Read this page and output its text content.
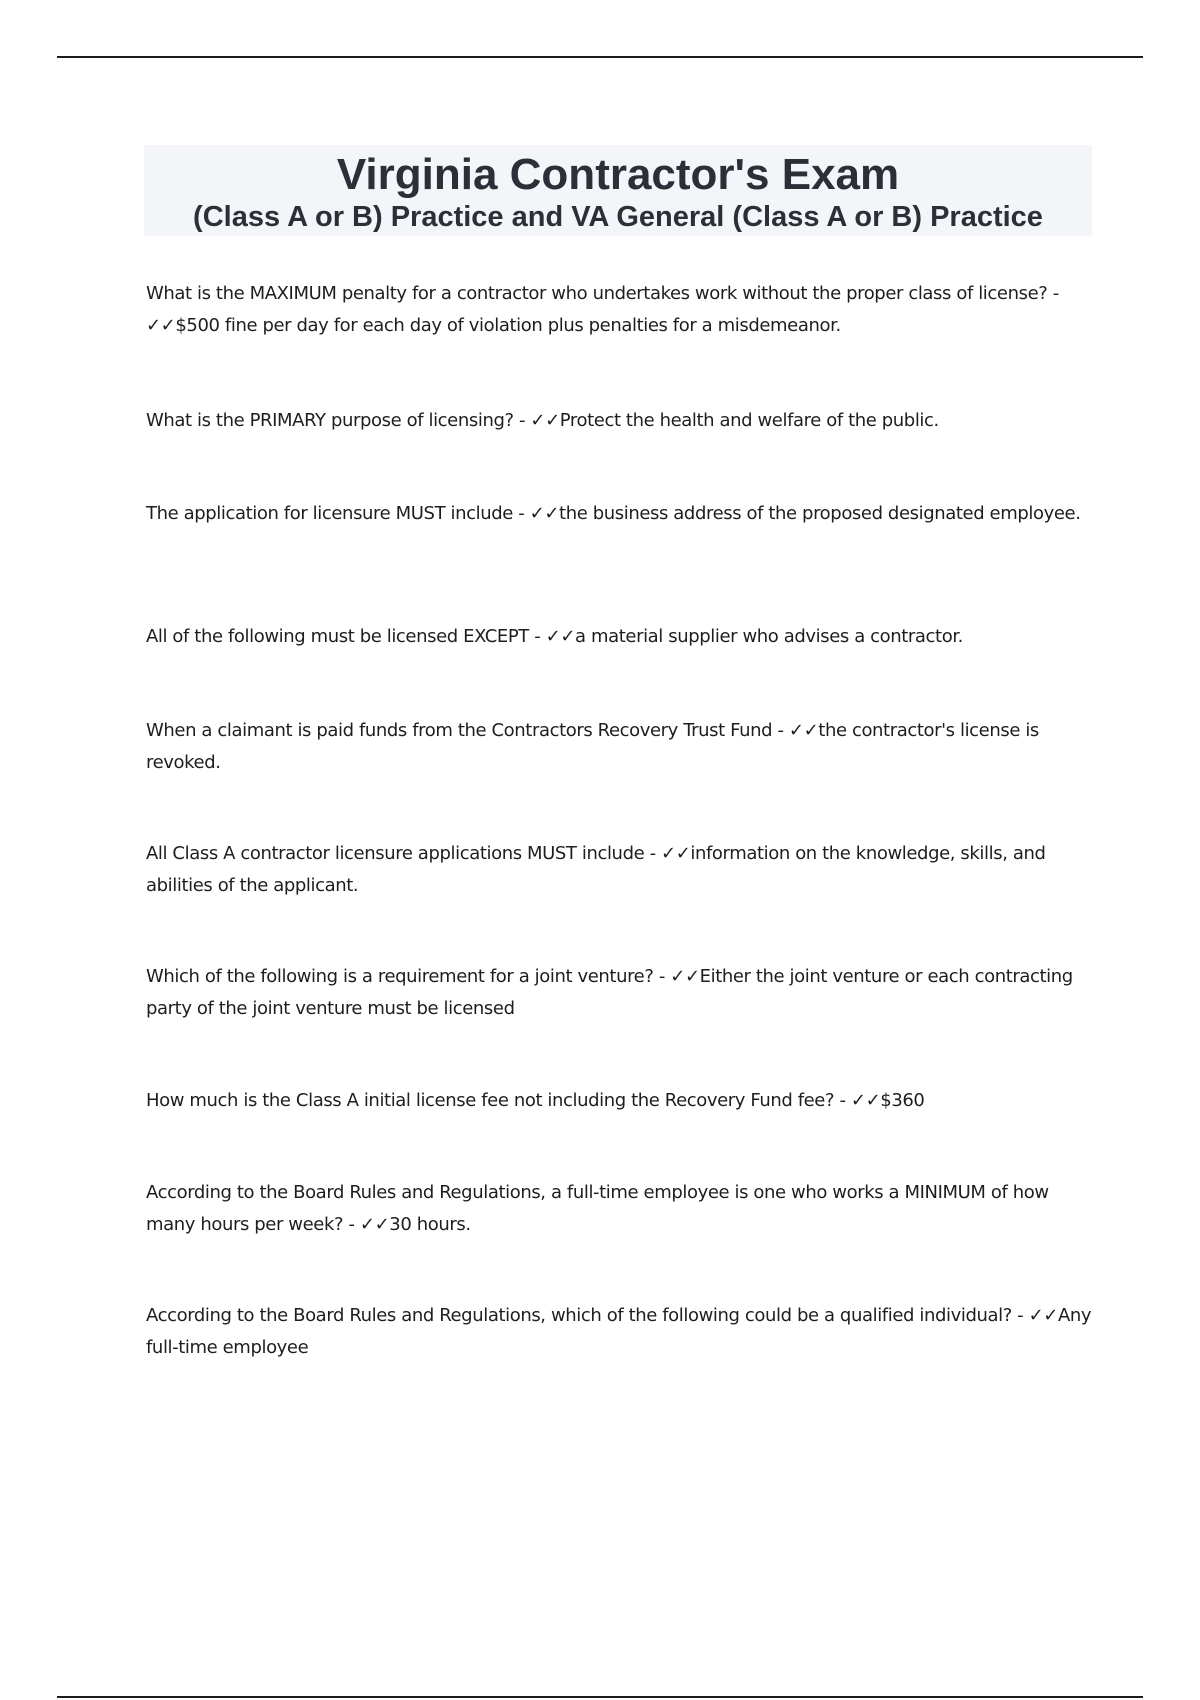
Virginia Contractor's Exam
(Class A or B) Practice and VA General (Class A or B) Practice
What is the MAXIMUM penalty for a contractor who undertakes work without the proper class of license? - ✓✓$500 fine per day for each day of violation plus penalties for a misdemeanor.
What is the PRIMARY purpose of licensing? - ✓✓Protect the health and welfare of the public.
The application for licensure MUST include - ✓✓the business address of the proposed designated employee.
All of the following must be licensed EXCEPT - ✓✓a material supplier who advises a contractor.
When a claimant is paid funds from the Contractors Recovery Trust Fund - ✓✓the contractor's license is revoked.
All Class A contractor licensure applications MUST include - ✓✓information on the knowledge, skills, and abilities of the applicant.
Which of the following is a requirement for a joint venture? - ✓✓Either the joint venture or each contracting party of the joint venture must be licensed
How much is the Class A initial license fee not including the Recovery Fund fee? - ✓✓$360
According to the Board Rules and Regulations, a full-time employee is one who works a MINIMUM of how many hours per week? - ✓✓30 hours.
According to the Board Rules and Regulations, which of the following could be a qualified individual? - ✓✓Any full-time employee
